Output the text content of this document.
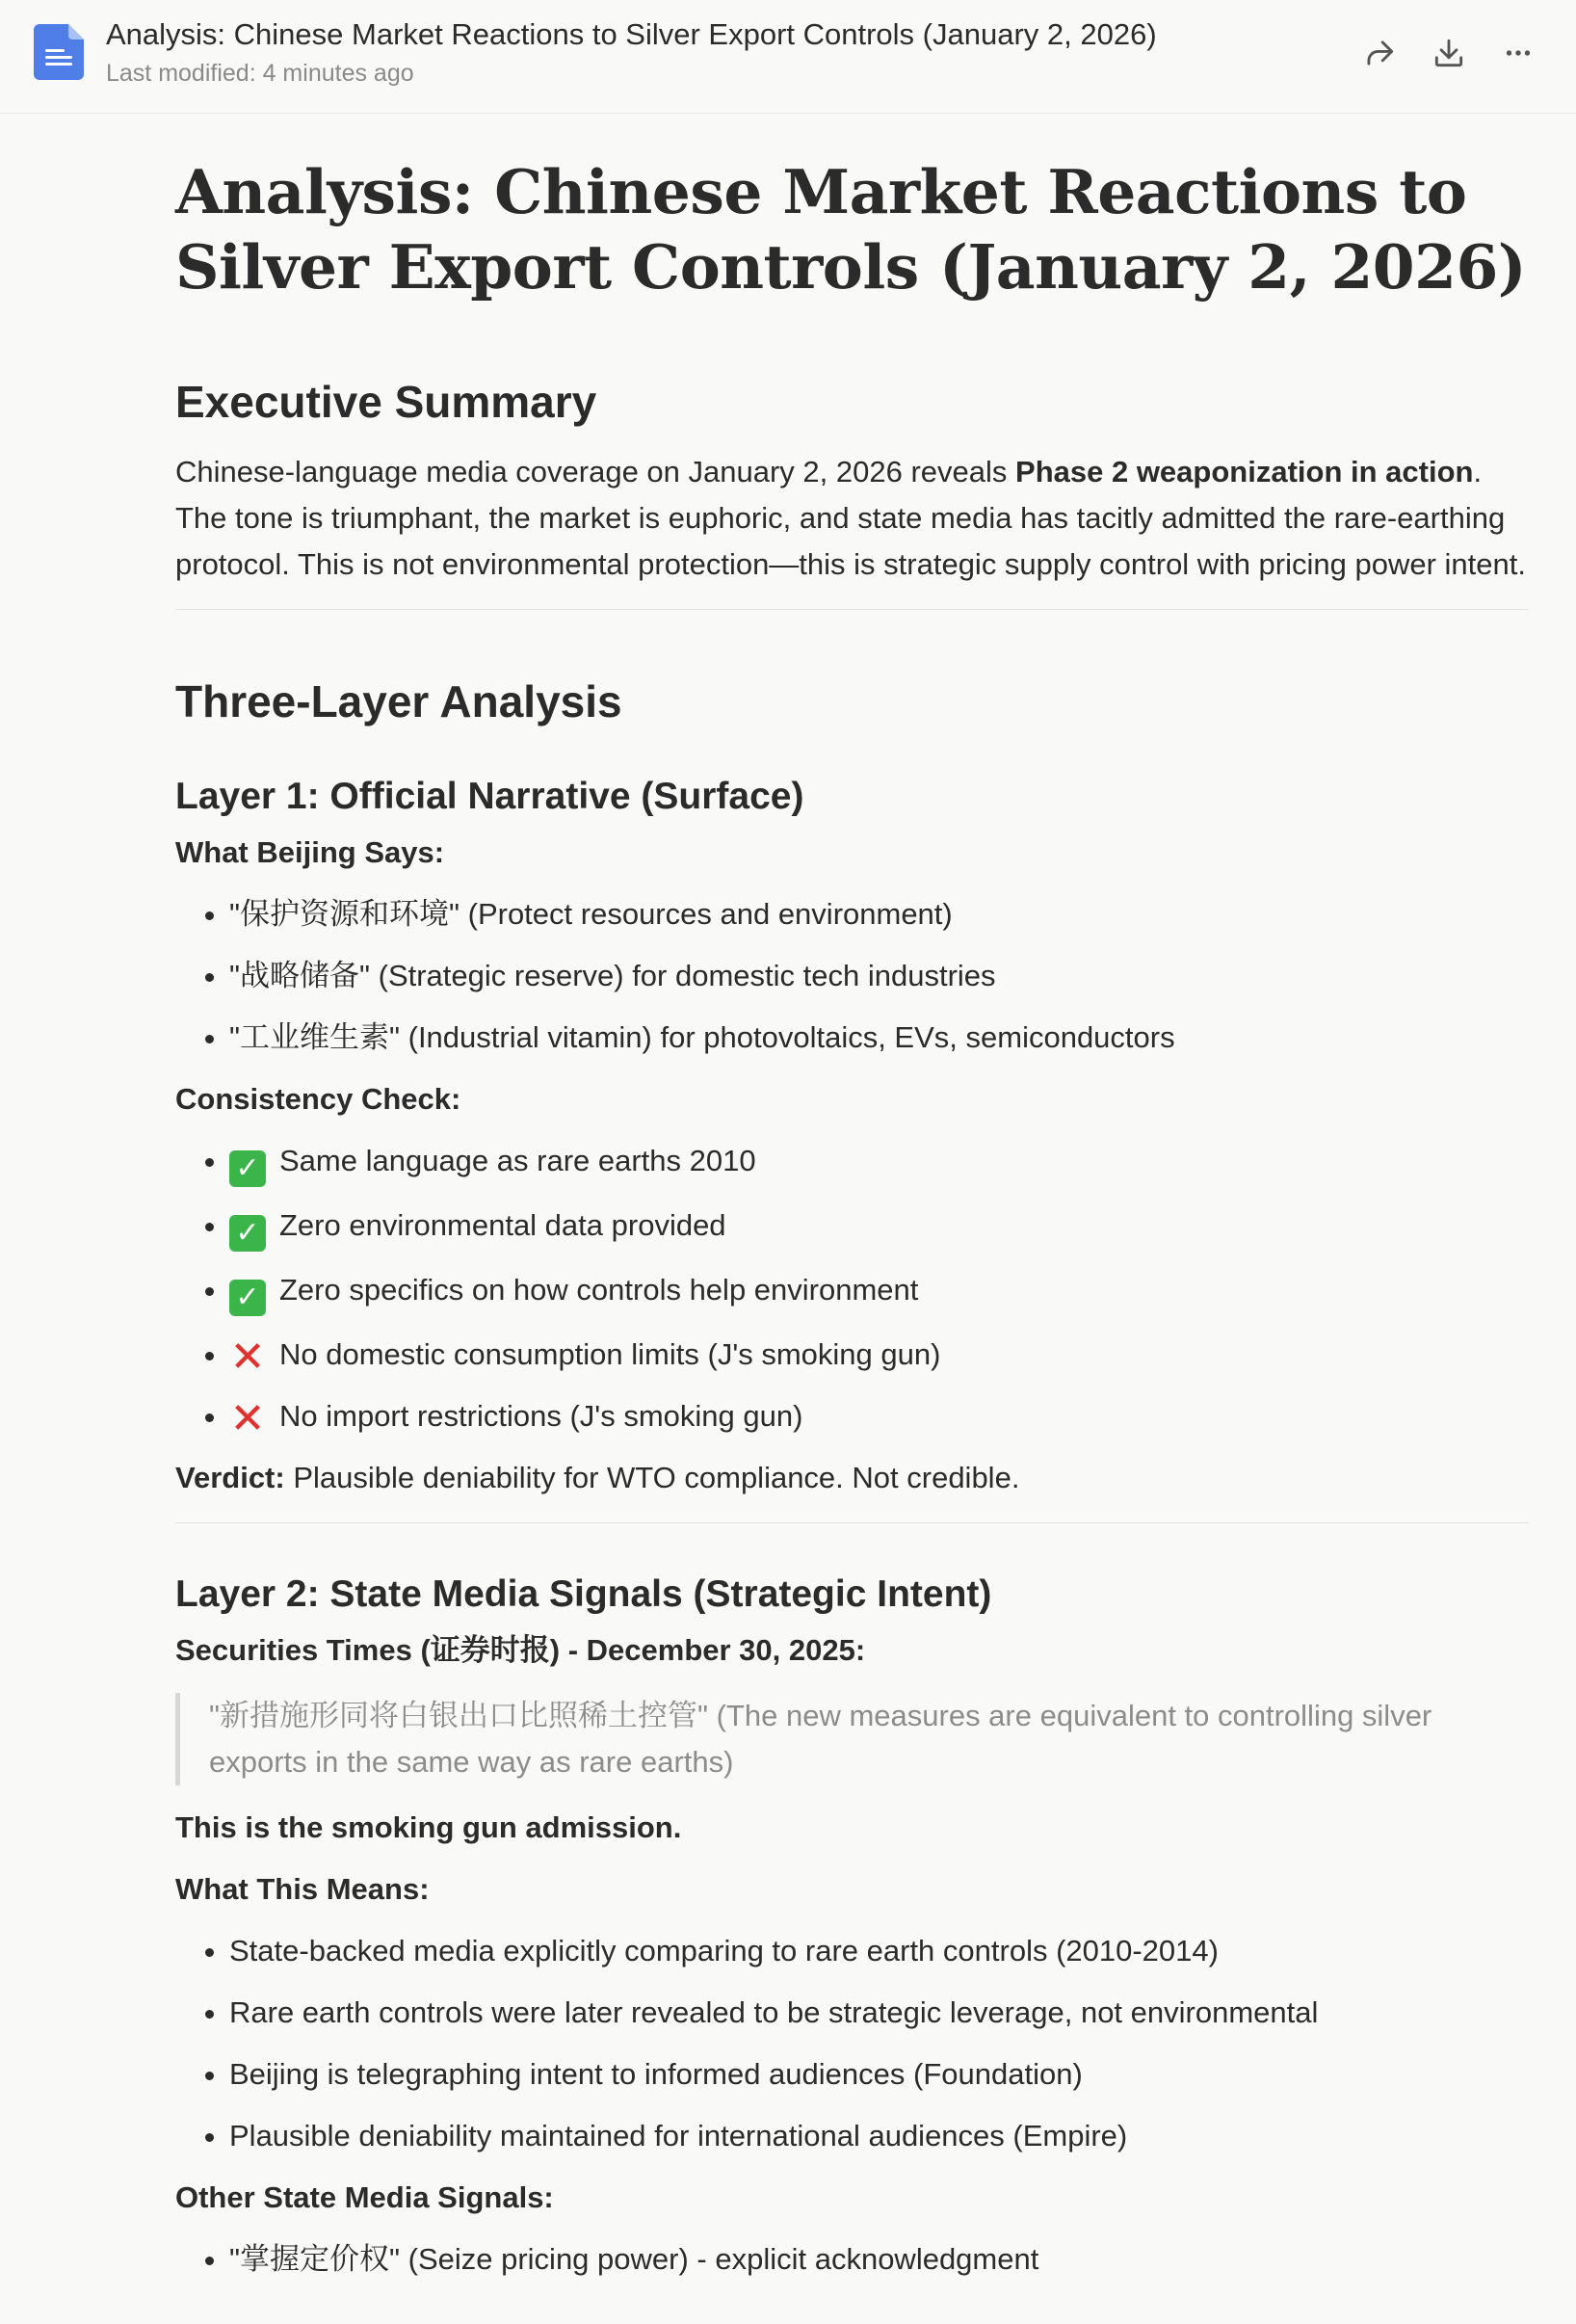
Analysis: Chinese Market Reactions to Silver Export Controls (January 2, 2026)
Last modified: 4 minutes ago
Analysis: Chinese Market Reactions to Silver Export Controls (January 2, 2026)
Executive Summary

Chinese-language media coverage on January 2, 2026 reveals Phase 2 weaponization in action. The tone is triumphant, the market is euphoric, and state media has tacitly admitted the rare-earthing protocol. This is not environmental protection—this is strategic supply control with pricing power intent.

Three-Layer Analysis
Layer 1: Official Narrative (Surface)
What Beijing Says:
• "保护资源和环境" (Protect resources and environment)
• "战略储备" (Strategic reserve) for domestic tech industries
• "工业维生素" (Industrial vitamin) for photovoltaics, EVs, semiconductors
Consistency Check:
• ✓ Same language as rare earths 2010
• ✓ Zero environmental data provided
• ✓ Zero specifics on how controls help environment
• ✕ No domestic consumption limits (J's smoking gun)
• ✕ No import restrictions (J's smoking gun)

Verdict: Plausible deniability for WTO compliance. Not credible.

Layer 2: State Media Signals (Strategic Intent)
Securities Times (证券时报) - December 30, 2025:
"新措施形同将白银出口比照稀土控管" (The new measures are equivalent to controlling silver exports in the same way as rare earths)
This is the smoking gun admission.
What This Means:
• State-backed media explicitly comparing to rare earth controls (2010-2014)
• Rare earth controls were later revealed to be strategic leverage, not environmental
• Beijing is telegraphing intent to informed audiences (Foundation)
• Plausible deniability maintained for international audiences (Empire)
Other State Media Signals:
• "掌握定价权" (Seize pricing power) - explicit acknowledgment
